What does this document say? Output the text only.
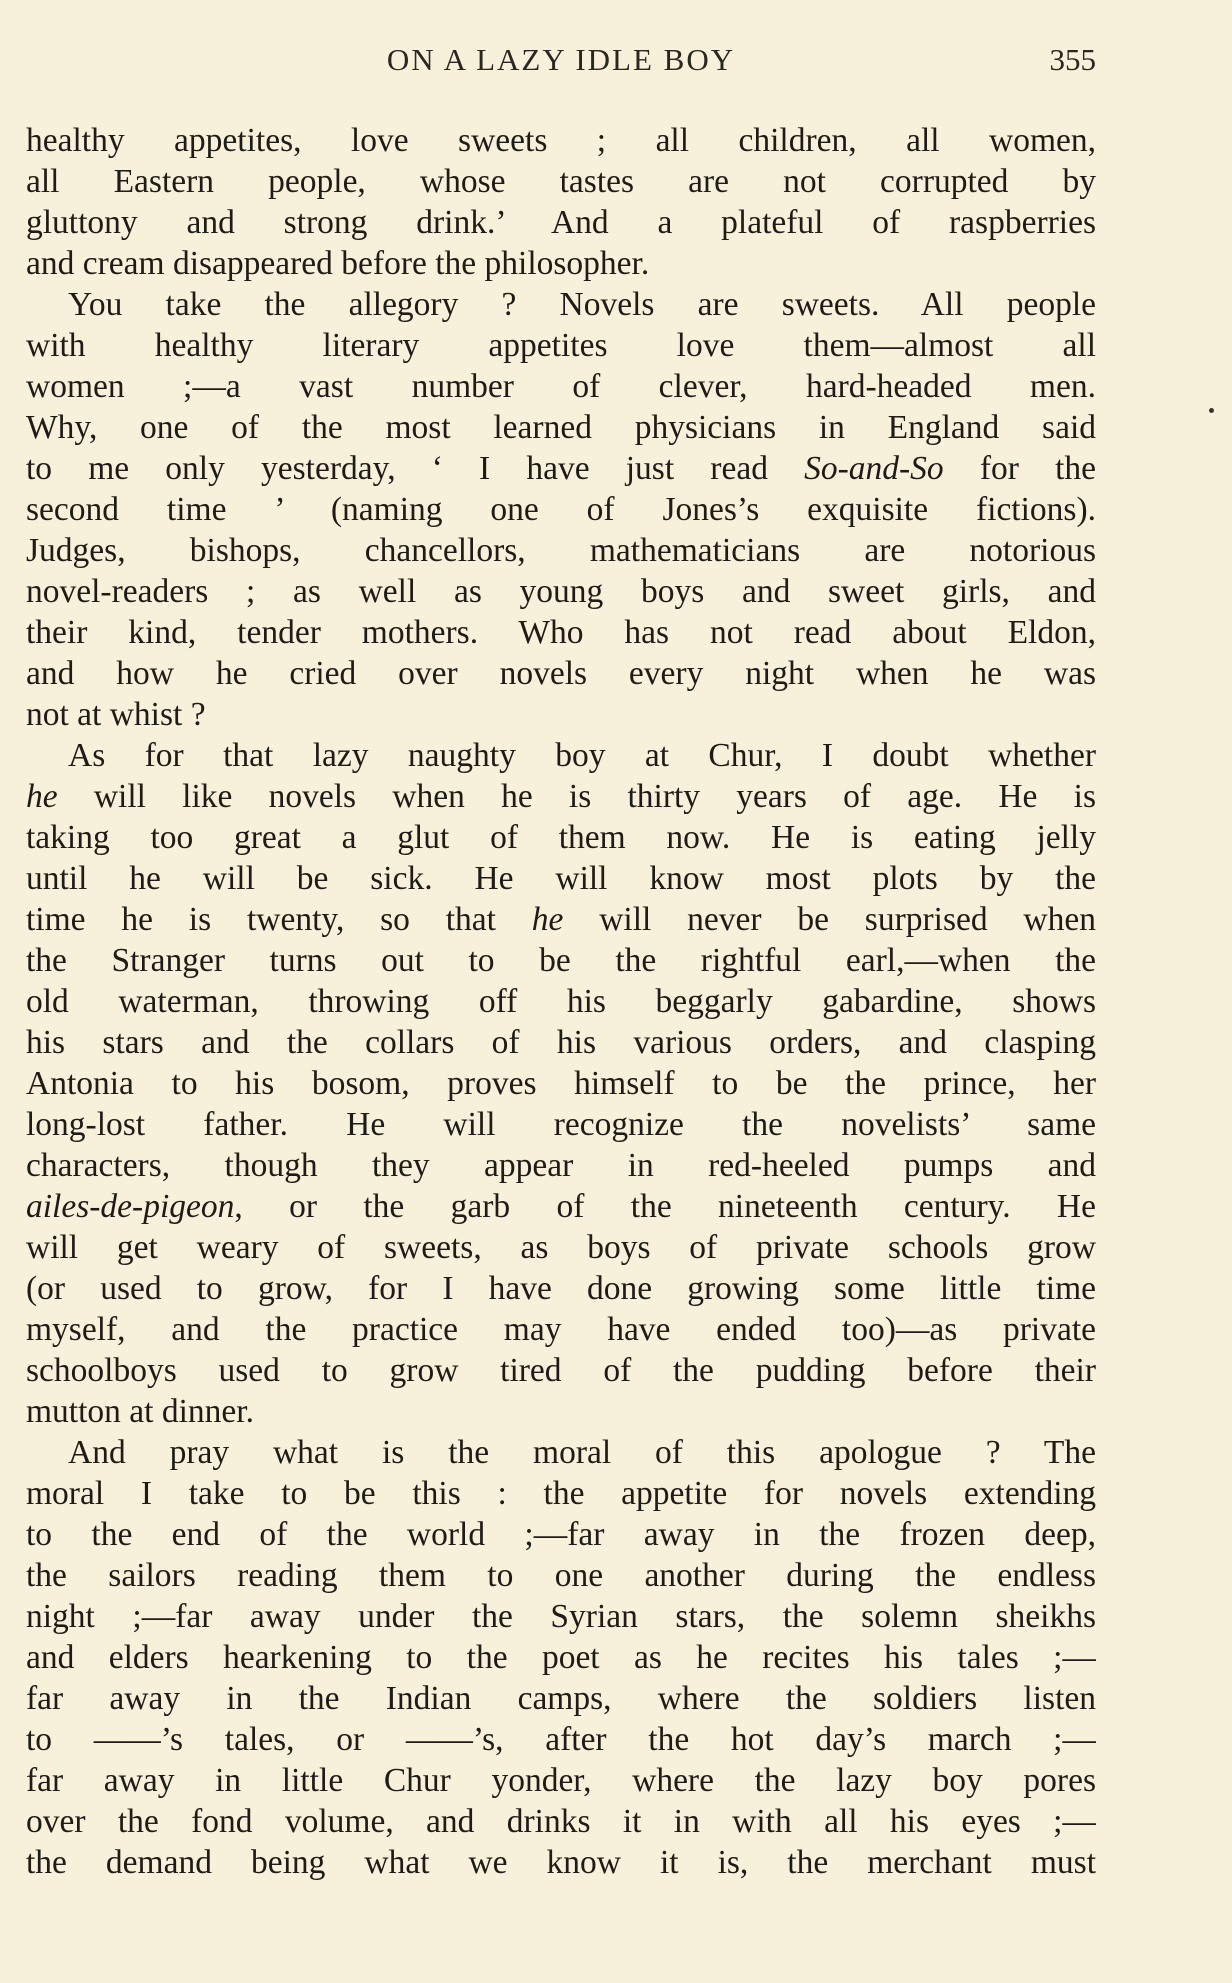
ON A LAZY IDLE BOY	355
healthy appetites, love sweets ; all children, all women,
all Eastern people, whose tastes are not corrupted by
gluttony and strong drink.’ And a plateful of raspberries
and cream disappeared before the philosopher.
You take the allegory ? Novels are sweets. All people
with healthy literary appetites love them—almost all
women ;—a vast number of clever, hard-headed men.
Why, one of the most learned physicians in England said
to me only yesterday, ‘ I have just read So-and-So for the
second time ’ (naming one of Jones’s exquisite fictions).
Judges, bishops, chancellors, mathematicians are notorious
novel-readers ; as well as young boys and sweet girls, and
their kind, tender mothers. Who has not read about Eldon,
and how he cried over novels every night when he was
not at whist ?
As for that lazy naughty boy at Chur, I doubt whether
he will like novels when he is thirty years of age. He is
taking too great a glut of them now. He is eating jelly
until he will be sick. He will know most plots by the
time he is twenty, so that he will never be surprised when
the Stranger turns out to be the rightful earl,—when the
old waterman, throwing off his beggarly gabardine, shows
his stars and the collars of his various orders, and clasping
Antonia to his bosom, proves himself to be the prince, her
long-lost father. He will recognize the novelists’ same
characters, though they appear in red-heeled pumps and
ailes-de-pigeon, or the garb of the nineteenth century. He
will get weary of sweets, as boys of private schools grow
(or used to grow, for I have done growing some little time
myself, and the practice may have ended too)—as private
schoolboys used to grow tired of the pudding before their
mutton at dinner.
And pray what is the moral of this apologue ? The
moral I take to be this : the appetite for novels extending
to the end of the world ;—far away in the frozen deep,
the sailors reading them to one another during the endless
night ;—far away under the Syrian stars, the solemn sheikhs
and elders hearkening to the poet as he recites his tales ;—
far away in the Indian camps, where the soldiers listen
to ——’s tales, or ——’s, after the hot day’s march ;—
far away in little Chur yonder, where the lazy boy pores
over the fond volume, and drinks it in with all his eyes ;—
the demand being what we know it is, the merchant must
